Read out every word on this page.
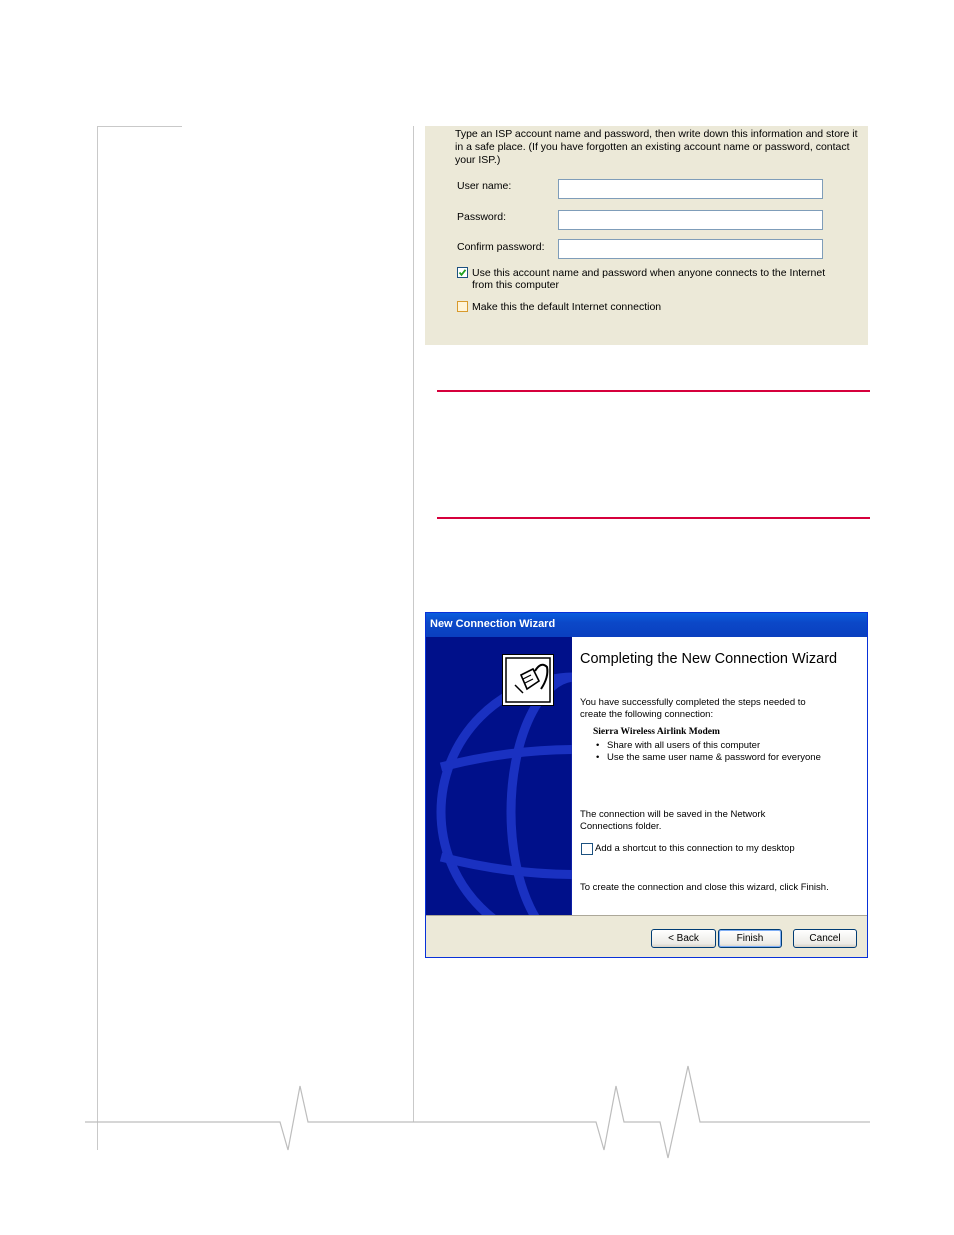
Type an ISP account name and password, then write down this information and store it in a safe place. (If you have forgotten an existing account name or password, contact your ISP.)
User name:
Password:
Confirm password:
Use this account name and password when anyone connects to the Internet from this computer
Make this the default Internet connection
New Connection Wizard
Completing the New Connection Wizard
You have successfully completed the steps needed to create the following connection:
Sierra Wireless Airlink Modem
• Share with all users of this computer
• Use the same user name & password for everyone
The connection will be saved in the Network Connections folder.
Add a shortcut to this connection to my desktop
To create the connection and close this wizard, click Finish.
< Back	Finish	Cancel
